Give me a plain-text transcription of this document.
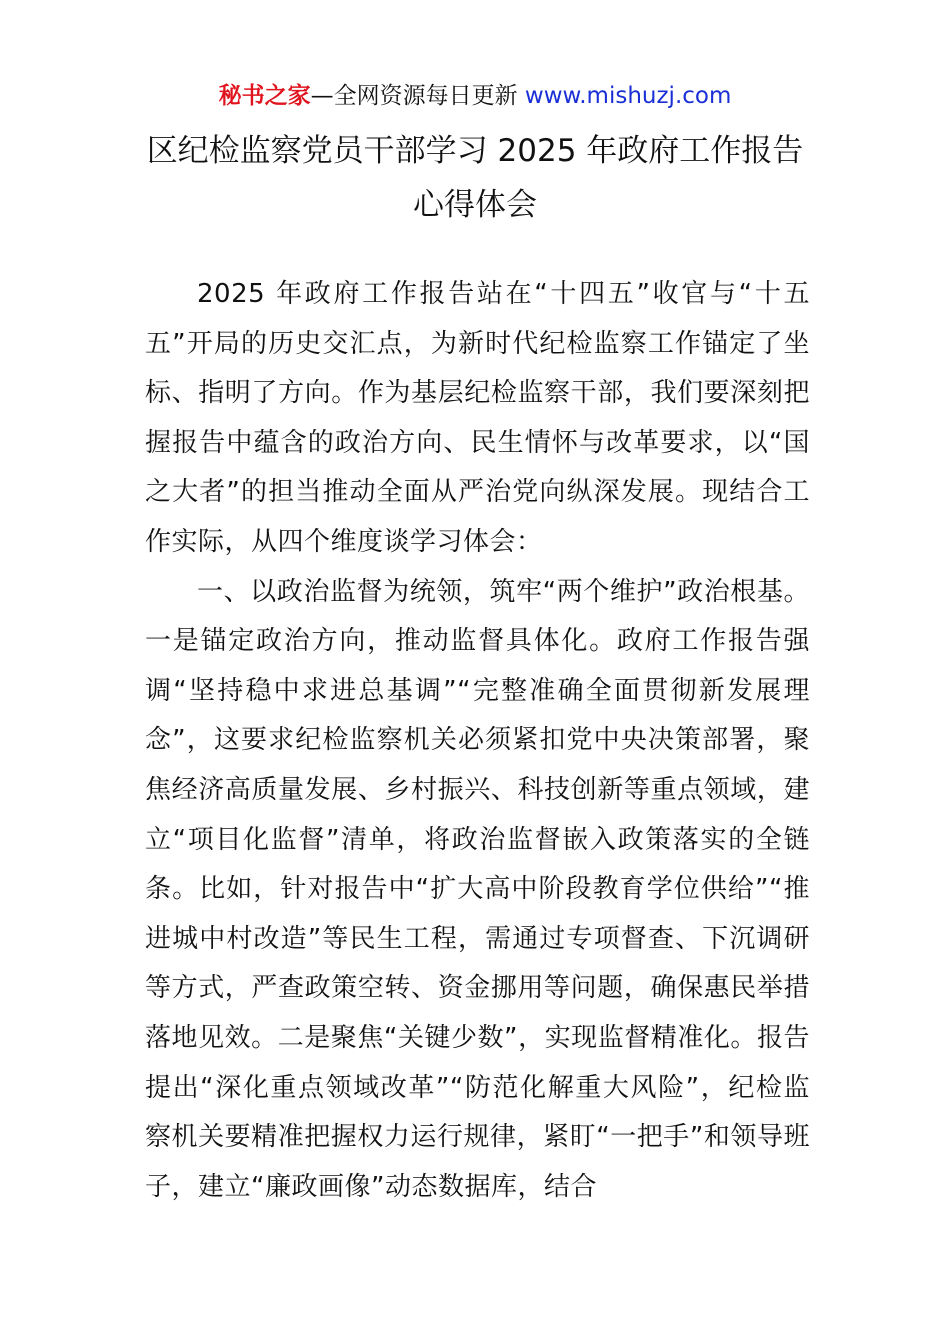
秘书之家—全网资源每日更新 www.mishuzj.com
区纪检监察党员干部学习 2025 年政府工作报告
心得体会

2025 年政府工作报告站在“十四五”收官与“十五五”开局的历史交汇点，为新时代纪检监察工作锚定了坐标、指明了方向。作为基层纪检监察干部，我们要深刻把握报告中蕴含的政治方向、民生情怀与改革要求，以“国之大者”的担当推动全面从严治党向纵深发展。现结合工作实际，从四个维度谈学习体会：

一、以政治监督为统领，筑牢“两个维护”政治根基。一是锚定政治方向，推动监督具体化。政府工作报告强调“坚持稳中求进总基调”“完整准确全面贯彻新发展理念”，这要求纪检监察机关必须紧扣党中央决策部署，聚焦经济高质量发展、乡村振兴、科技创新等重点领域，建立“项目化监督”清单，将政治监督嵌入政策落实的全链条。比如，针对报告中“扩大高中阶段教育学位供给”“推进城中村改造”等民生工程，需通过专项督查、下沉调研等方式，严查政策空转、资金挪用等问题，确保惠民举措落地见效。二是聚焦“关键少数”，实现监督精准化。报告提出“深化重点领域改革”“防范化解重大风险”，纪检监察机关要精准把握权力运行规律，紧盯“一把手”和领导班子，建立“廉政画像”动态数据库，结合
